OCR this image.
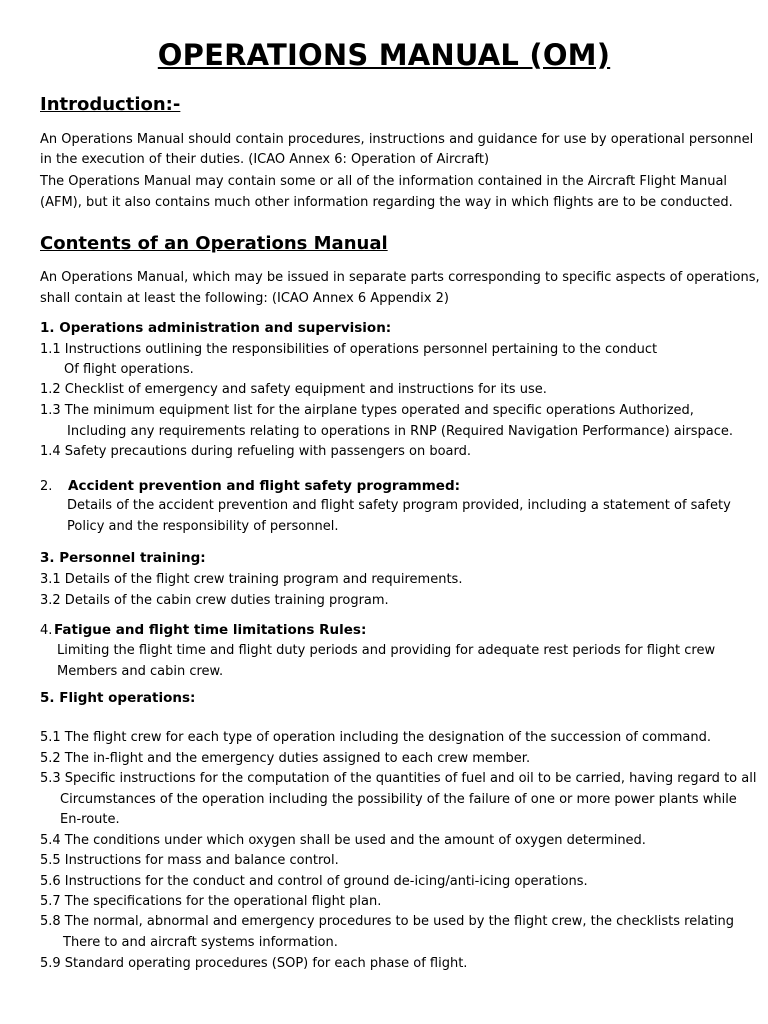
OPERATIONS MANUAL (OM)
Introduction:-

An Operations Manual should contain procedures, instructions and guidance for use by operational personnel

in the execution of their duties. (ICAO Annex 6: Operation of Aircraft)

The Operations Manual may contain some or all of the information contained in the Aircraft Flight Manual

(AFM), but it also contains much other information regarding the way in which flights are to be conducted.

Contents of an Operations Manual

An Operations Manual, which may be issued in separate parts corresponding to specific aspects of operations,

shall contain at least the following: (ICAO Annex 6 Appendix 2)

1. Operations administration and supervision:

1.1 Instructions outlining the responsibilities of operations personnel pertaining to the conduct

Of flight operations.

1.2 Checklist of emergency and safety equipment and instructions for its use.

1.3 The minimum equipment list for the airplane types operated and specific operations Authorized,

Including any requirements relating to operations in RNP (Required Navigation Performance) airspace.

1.4 Safety precautions during refueling with passengers on board.

2. Accident prevention and flight safety programmed:

Details of the accident prevention and flight safety program provided, including a statement of safety

Policy and the responsibility of personnel.

3. Personnel training:

3.1 Details of the flight crew training program and requirements.

3.2 Details of the cabin crew duties training program.

4. Fatigue and flight time limitations Rules:

Limiting the flight time and flight duty periods and providing for adequate rest periods for flight crew

Members and cabin crew.

5. Flight operations:

5.1 The flight crew for each type of operation including the designation of the succession of command.

5.2 The in-flight and the emergency duties assigned to each crew member.

5.3 Specific instructions for the computation of the quantities of fuel and oil to be carried, having regard to all

Circumstances of the operation including the possibility of the failure of one or more power plants while

En-route.

5.4 The conditions under which oxygen shall be used and the amount of oxygen determined.

5.5 Instructions for mass and balance control.

5.6 Instructions for the conduct and control of ground de-icing/anti-icing operations.

5.7 The specifications for the operational flight plan.

5.8 The normal, abnormal and emergency procedures to be used by the flight crew, the checklists relating

There to and aircraft systems information.

5.9 Standard operating procedures (SOP) for each phase of flight.
